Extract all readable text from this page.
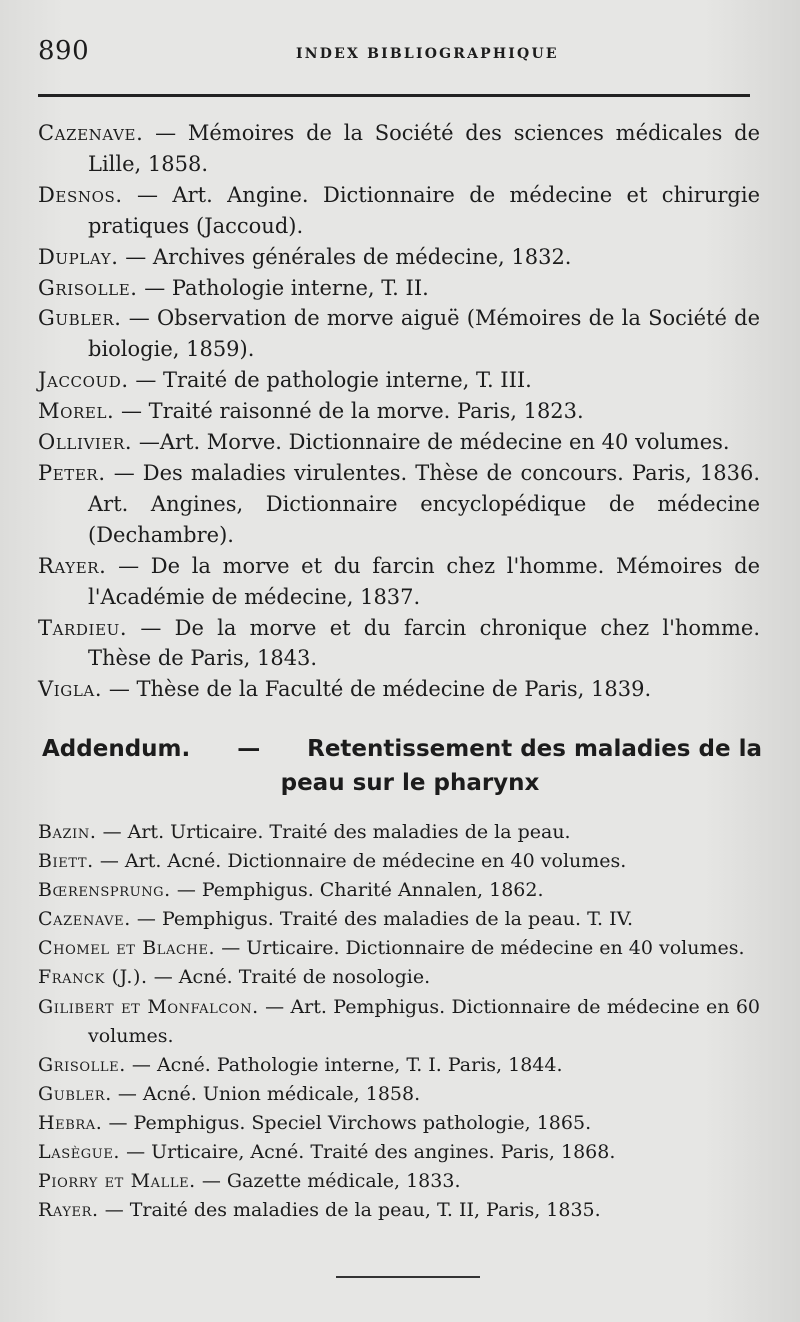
890	INDEX BIBLIOGRAPHIQUE
Cazenave. — Mémoires de la Société des sciences médicales de Lille, 1858.
Desnos. — Art. Angine. Dictionnaire de médecine et chirurgie pratiques (Jaccoud).
Duplay. — Archives générales de médecine, 1832.
Grisolle. — Pathologie interne, T. II.
Gubler. — Observation de morve aiguë (Mémoires de la Société de biologie, 1859).
Jaccoud. — Traité de pathologie interne, T. III.
Morel. — Traité raisonné de la morve. Paris, 1823.
Ollivier. —Art. Morve. Dictionnaire de médecine en 40 volumes.
Peter. — Des maladies virulentes. Thèse de concours. Paris, 1836. Art. Angines, Dictionnaire encyclopédique de médecine (Dechambre).
Rayer. — De la morve et du farcin chez l'homme. Mémoires de l'Académie de médecine, 1837.
Tardieu. — De la morve et du farcin chronique chez l'homme. Thèse de Paris, 1843.
Vigla. — Thèse de la Faculté de médecine de Paris, 1839.
Addendum. — Retentissement des maladies de la
peau sur le pharynx
Bazin. — Art. Urticaire. Traité des maladies de la peau.
Biett. — Art. Acné. Dictionnaire de médecine en 40 volumes.
Bœrensprung. — Pemphigus. Charité Annalen, 1862.
Cazenave. — Pemphigus. Traité des maladies de la peau. T. IV.
Chomel et Blache. — Urticaire. Dictionnaire de médecine en 40 volumes.
Franck (J.). — Acné. Traité de nosologie.
Gilibert et Monfalcon. — Art. Pemphigus. Dictionnaire de médecine en 60 volumes.
Grisolle. — Acné. Pathologie interne, T. I. Paris, 1844.
Gubler. — Acné. Union médicale, 1858.
Hebra. — Pemphigus. Speciel Virchows pathologie, 1865.
Lasègue. — Urticaire, Acné. Traité des angines. Paris, 1868.
Piorry et Malle. — Gazette médicale, 1833.
Rayer. — Traité des maladies de la peau, T. II, Paris, 1835.
